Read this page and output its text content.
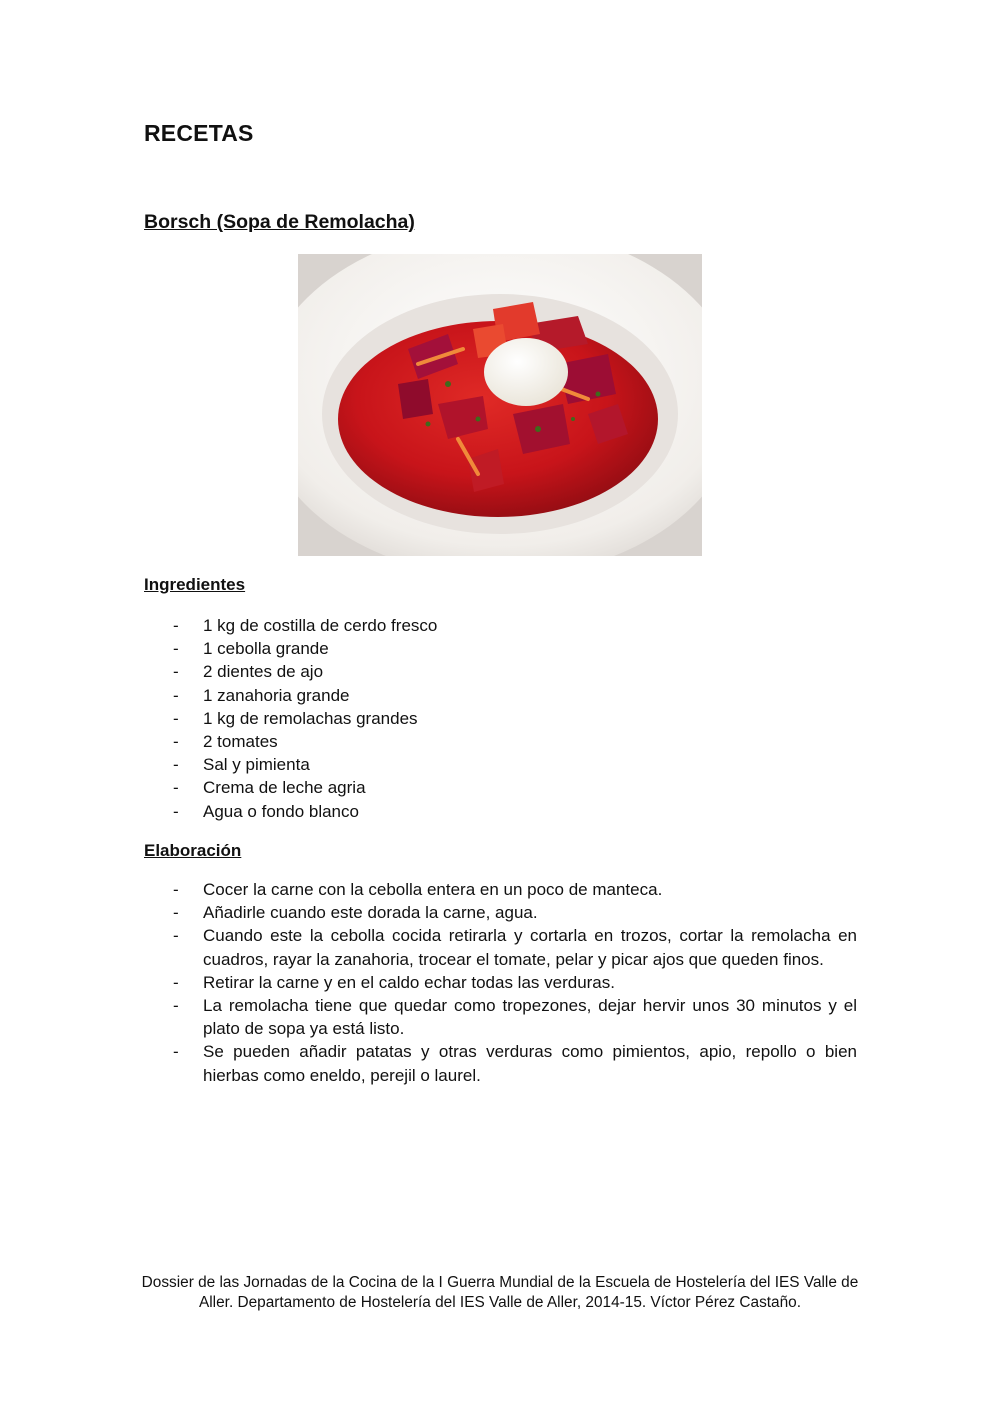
RECETAS
Borsch (Sopa de Remolacha)
Ingredientes
- 1 kg de costilla de cerdo fresco
- 1 cebolla grande
- 2 dientes de ajo
- 1 zanahoria grande
- 1 kg de remolachas grandes
- 2 tomates
- Sal y pimienta
- Crema de leche agria
- Agua o fondo blanco
Elaboración
- Cocer la carne con la cebolla entera en un poco de manteca.
- Añadirle cuando este dorada la carne, agua.
- Cuando este la cebolla cocida retirarla y cortarla en trozos, cortar la remolacha en cuadros, rayar la zanahoria, trocear el tomate, pelar y picar ajos que queden finos.
- Retirar la carne y en el caldo echar todas las verduras.
- La remolacha tiene que quedar como tropezones, dejar hervir unos 30 minutos y el plato de sopa ya está listo.
- Se pueden añadir patatas y otras verduras como pimientos, apio, repollo o bien hierbas como eneldo, perejil o laurel.

Dossier de las Jornadas de la Cocina de la I Guerra Mundial de la Escuela de Hostelería del IES Valle de Aller. Departamento de Hostelería del IES Valle de Aller, 2014-15. Víctor Pérez Castaño.
